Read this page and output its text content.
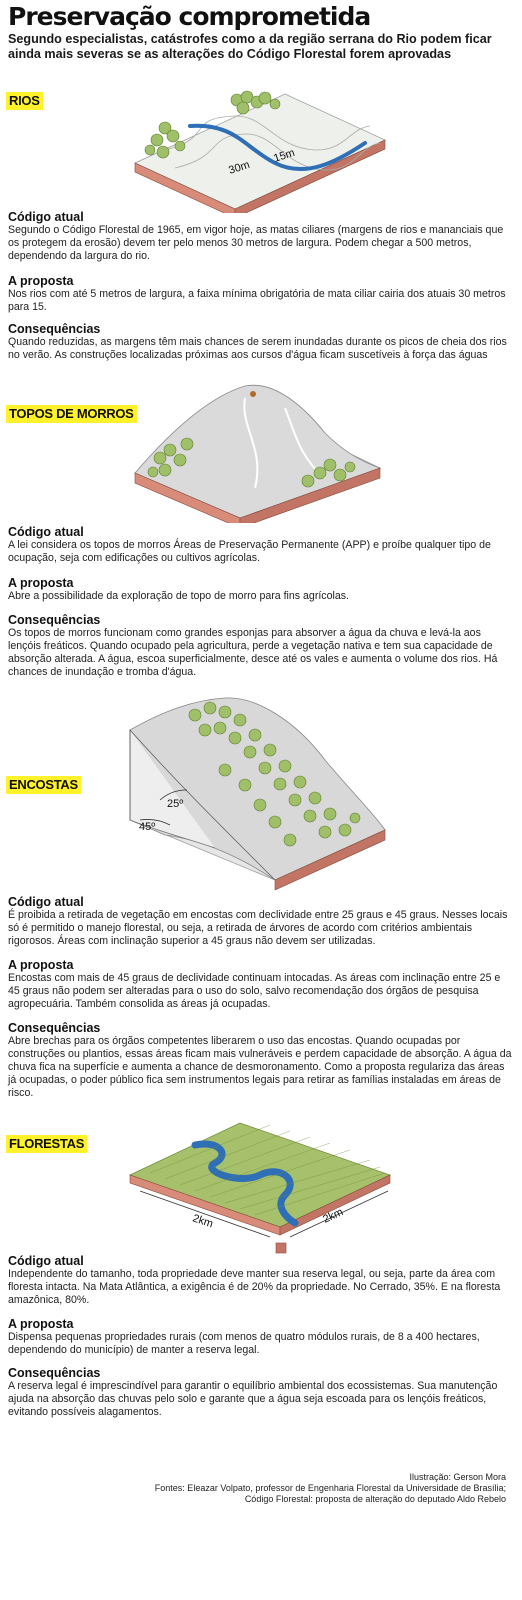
Preservação comprometida
Segundo especialistas, catástrofes como a da região serrana do Rio podem ficar ainda mais severas se as alterações do Código Florestal forem aprovadas
RIOS
30m
15m
Código atual

Segundo o Código Florestal de 1965, em vigor hoje, as matas ciliares (margens de rios e mananciais que os protegem da erosão) devem ter pelo menos 30 metros de largura. Podem chegar a 500 metros, dependendo da largura do rio.

A proposta

Nos rios com até 5 metros de largura, a faixa mínima obrigatória de mata ciliar cairia dos atuais 30 metros para 15.

Consequências

Quando reduzidas, as margens têm mais chances de serem inundadas durante os picos de cheia dos rios no verão. As construções localizadas próximas aos cursos d'água ficam suscetíveis à força das águas

TOPOS DE MORROS
Código atual

A lei considera os topos de morros Áreas de Preservação Permanente (APP) e proíbe qualquer tipo de ocupação, seja com edificações ou cultivos agrícolas.

A proposta

Abre a possibilidade da exploração de topo de morro para fins agrícolas.

Consequências

Os topos de morros funcionam como grandes esponjas para absorver a água da chuva e levá-la aos lençóis freáticos. Quando ocupado pela agricultura, perde a vegetação nativa e tem sua capacidade de absorção alterada. A água, escoa superficialmente, desce até os vales e aumenta o volume dos rios. Há chances de inundação e tromba d'água.

ENCOSTAS
25º
45º
Código atual

É proibida a retirada de vegetação em encostas com declividade entre 25 graus e 45 graus. Nesses locais só é permitido o manejo florestal, ou seja, a retirada de árvores de acordo com critérios ambientais rigorosos. Áreas com inclinação superior a 45 graus não devem ser utilizadas.

A proposta

Encostas com mais de 45 graus de declividade continuam intocadas. As áreas com inclinação entre 25 e 45 graus não podem ser alteradas para o uso do solo, salvo recomendação dos órgãos de pesquisa agropecuária. Também consolida as áreas já ocupadas.

Consequências

Abre brechas para os órgãos competentes liberarem o uso das encostas. Quando ocupadas por construções ou plantios, essas áreas ficam mais vulneráveis e perdem capacidade de absorção. A água da chuva fica na superfície e aumenta a chance de desmoronamento. Como a proposta regulariza das áreas já ocupadas, o poder público fica sem instrumentos legais para retirar as famílias instaladas em áreas de risco.

FLORESTAS
2km	2km
Código atual

Independente do tamanho, toda propriedade deve manter sua reserva legal, ou seja, parte da área com floresta intacta. Na Mata Atlântica, a exigência é de 20% da propriedade. No Cerrado, 35%. E na floresta amazônica, 80%.

A proposta

Dispensa pequenas propriedades rurais (com menos de quatro módulos rurais, de 8 a 400 hectares, dependendo do município) de manter a reserva legal.

Consequências

A reserva legal é imprescindível para garantir o equilíbrio ambiental dos ecossistemas. Sua manutenção ajuda na absorção das chuvas pelo solo e garante que a água seja escoada para os lençóis freáticos, evitando possíveis alagamentos.

Ilustração: Gerson Mora
Fontes: Eleazar Volpato, professor de Engenharia Florestal da Universidade de Brasília;
Código Florestal: proposta de alteração do deputado Aldo Rebelo
